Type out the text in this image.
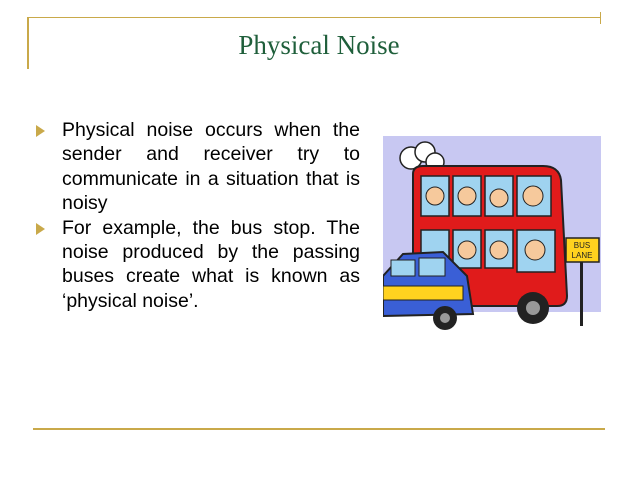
Physical Noise
Physical noise occurs when the sender and receiver try to communicate in a situation that is noisy
For example, the bus stop. The noise produced by the passing buses create what is known as ‘physical noise’.
BUS
LANE
